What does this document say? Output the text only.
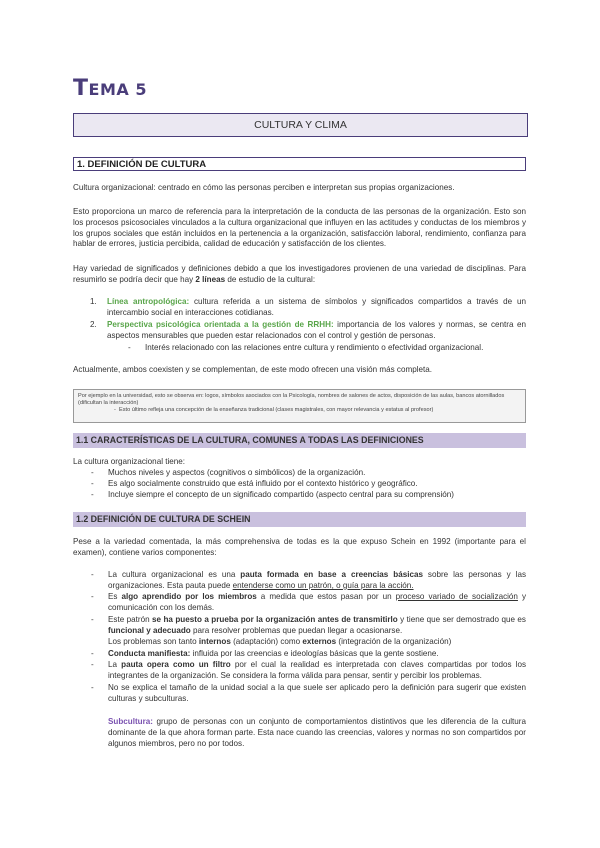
TEMA 5
CULTURA Y CLIMA
1. DEFINICIÓN DE CULTURA
Cultura organizacional: centrado en cómo las personas perciben e interpretan sus propias organizaciones.
Esto proporciona un marco de referencia para la interpretación de la conducta de las personas de la organización. Esto son los procesos psicosociales vinculados a la cultura organizacional que influyen en las actitudes y conductas de los miembros y los grupos sociales que están incluidos en la pertenencia a la organización, satisfacción laboral, rendimiento, confianza para hablar de errores, justicia percibida, calidad de educación y satisfacción de los clientes.
Hay variedad de significados y definiciones debido a que los investigadores provienen de una variedad de disciplinas. Para resumirlo se podría decir que hay 2 líneas de estudio de la cultural:
1. Línea antropológica: cultura referida a un sistema de símbolos y significados compartidos a través de un intercambio social en interacciones cotidianas.
2. Perspectiva psicológica orientada a la gestión de RRHH: importancia de los valores y normas, se centra en aspectos mensurables que pueden estar relacionados con el control y gestión de personas.
- Interés relacionado con las relaciones entre cultura y rendimiento o efectividad organizacional.
Actualmente, ambos coexisten y se complementan, de este modo ofrecen una visión más completa.
Por ejemplo en la universidad, esto se observa en: logos, símbolos asociados con la Psicología, nombres de salones de actos, disposición de las aulas, bancos atornillados (dificultan la interacción)
-  Esto último refleja una concepción de la enseñanza tradicional (clases magistrales, con mayor relevancia y estatus al profesor)
1.1 CARACTERÍSTICAS DE LA CULTURA, COMUNES A TODAS LAS DEFINICIONES
La cultura organizacional tiene:
- Muchos niveles y aspectos (cognitivos o simbólicos) de la organización.
- Es algo socialmente construido que está influido por el contexto histórico y geográfico.
- Incluye siempre el concepto de un significado compartido (aspecto central para su comprensión)
1.2 DEFINICIÓN DE CULTURA DE SCHEIN
Pese a la variedad comentada, la más comprehensiva de todas es la que expuso Schein en 1992 (importante para el examen), contiene varios componentes:
- La cultura organizacional es una pauta formada en base a creencias básicas sobre las personas y las organizaciones. Esta pauta puede entenderse como un patrón, o guía para la acción.
- Es algo aprendido por los miembros a medida que estos pasan por un proceso variado de socialización y comunicación con los demás.
- Este patrón se ha puesto a prueba por la organización antes de transmitirlo y tiene que ser demostrado que es funcional y adecuado para resolver problemas que puedan llegar a ocasionarse.
Los problemas son tanto internos (adaptación) como externos (integración de la organización)
- Conducta manifiesta: influida por las creencias e ideologías básicas que la gente sostiene.
- La pauta opera como un filtro por el cual la realidad es interpretada con claves compartidas por todos los integrantes de la organización. Se considera la forma válida para pensar, sentir y percibir los problemas.
- No se explica el tamaño de la unidad social a la que suele ser aplicado pero la definición para sugerir que existen culturas y subculturas.
Subcultura: grupo de personas con un conjunto de comportamientos distintivos que les diferencia de la cultura dominante de la que ahora forman parte. Esta nace cuando las creencias, valores y normas no son compartidos por algunos miembros, pero no por todos.
